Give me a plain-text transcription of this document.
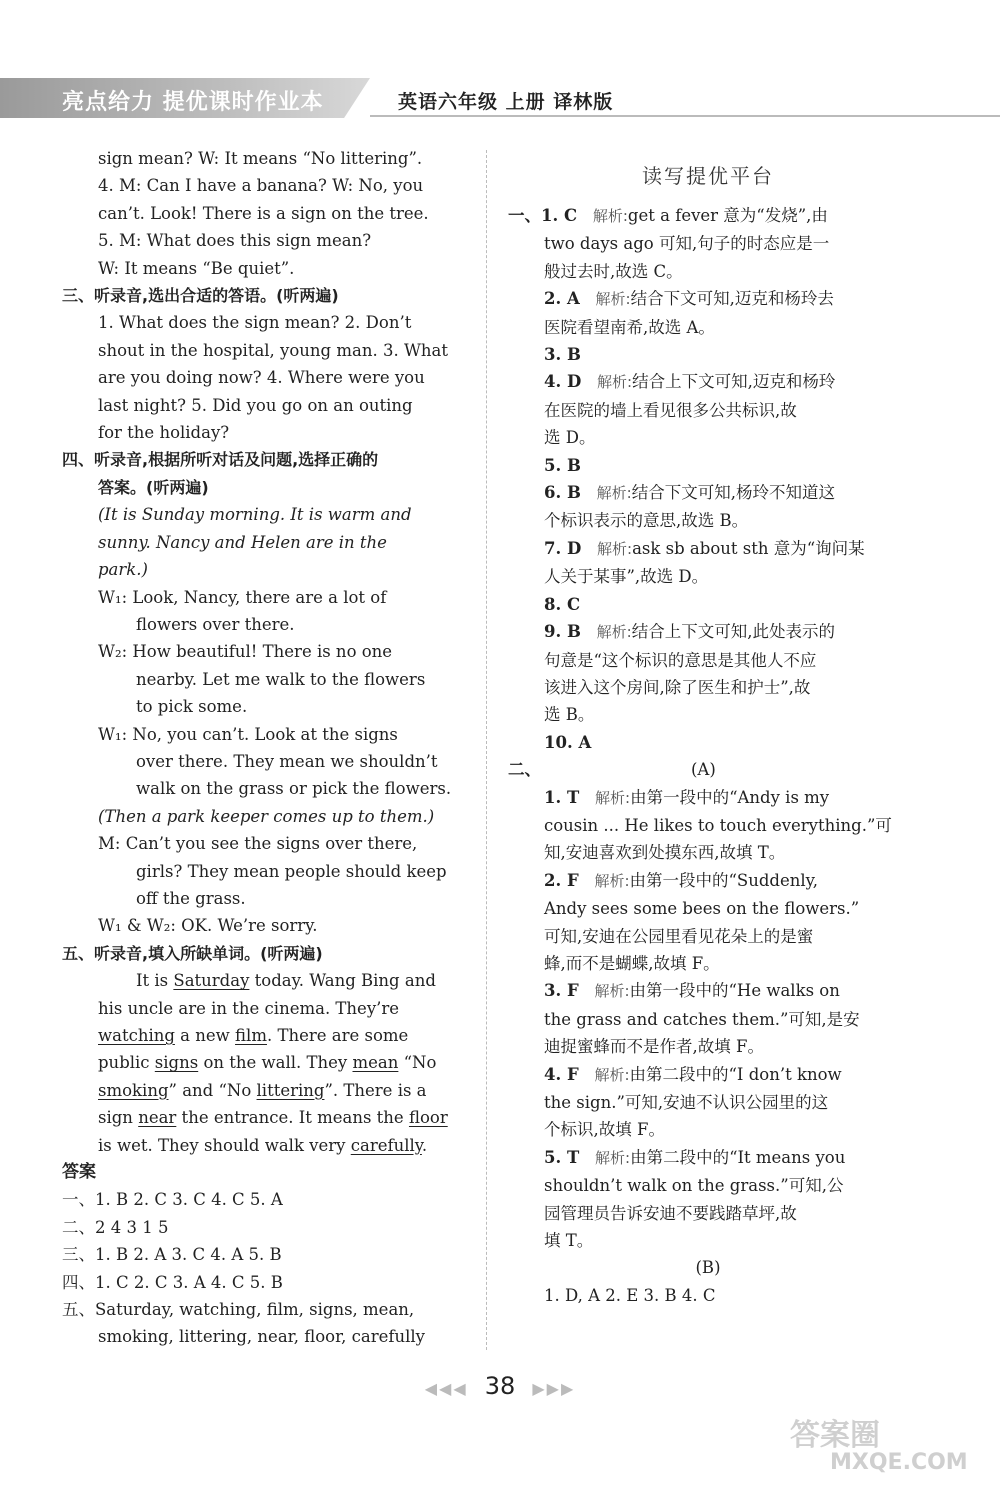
亮点给力 提优课时作业本	英语六年级 上册 译林版
sign mean? W: It means “No littering”.
4. M: Can I have a banana? W: No, you
can’t. Look! There is a sign on the tree.
5. M: What does this sign mean?
W: It means “Be quiet”.
三、听录音,选出合适的答语。(听两遍)
1. What does the sign mean? 2. Don’t
shout in the hospital, young man. 3. What
are you doing now? 4. Where were you
last night? 5. Did you go on an outing
for the holiday?
四、听录音,根据所听对话及问题,选择正确的
答案。(听两遍)
(It is Sunday morning. It is warm and
sunny. Nancy and Helen are in the
park.)
W₁: Look, Nancy, there are a lot of
flowers over there.
W₂: How beautiful! There is no one
nearby. Let me walk to the flowers
to pick some.
W₁: No, you can’t. Look at the signs
over there. They mean we shouldn’t
walk on the grass or pick the flowers.
(Then a park keeper comes up to them.)
M: Can’t you see the signs over there,
girls? They mean people should keep
off the grass.
W₁ & W₂: OK. We’re sorry.
五、听录音,填入所缺单词。(听两遍)
It is Saturday today. Wang Bing and
his uncle are in the cinema. They’re
watching a new film. There are some
public signs on the wall. They mean “No
smoking” and “No littering”. There is a
sign near the entrance. It means the floor
is wet. They should walk very carefully.
答案
一、1. B 2. C 3. C 4. C 5. A
二、2 4 3 1 5
三、1. B 2. A 3. C 4. A 5. B
四、1. C 2. C 3. A 4. C 5. B
五、Saturday, watching, film, signs, mean,
smoking, littering, near, floor, carefully
读写提优平台
一、1. C 解析:get a fever 意为“发烧”,由
two days ago 可知,句子的时态应是一
般过去时,故选 C。
2. A 解析:结合下文可知,迈克和杨玲去
医院看望南希,故选 A。
3. B
4. D 解析:结合上下文可知,迈克和杨玲
在医院的墙上看见很多公共标识,故
选 D。
5. B
6. B 解析:结合下文可知,杨玲不知道这
个标识表示的意思,故选 B。
7. D 解析:ask sb about sth 意为“询问某
人关于某事”,故选 D。
8. C
9. B 解析:结合上下文可知,此处表示的
句意是“这个标识的意思是其他人不应
该进入这个房间,除了医生和护士”,故
选 B。
10. A
二、	(A)
1. T 解析:由第一段中的“Andy is my
cousin ... He likes to touch everything.”可
知,安迪喜欢到处摸东西,故填 T。
2. F 解析:由第一段中的“Suddenly,
Andy sees some bees on the flowers.”
可知,安迪在公园里看见花朵上的是蜜
蜂,而不是蝴蝶,故填 F。
3. F 解析:由第一段中的“He walks on
the grass and catches them.”可知,是安
迪捉蜜蜂而不是作者,故填 F。
4. F 解析:由第二段中的“I don’t know
the sign.”可知,安迪不认识公园里的这
个标识,故填 F。
5. T 解析:由第二段中的“It means you
shouldn’t walk on the grass.”可知,公
园管理员告诉安迪不要践踏草坪,故
填 T。
(B)
1. D, A 2. E 3. B 4. C
◀◀◀ 38 ▶▶▶
答案圈
MXQE.COM
